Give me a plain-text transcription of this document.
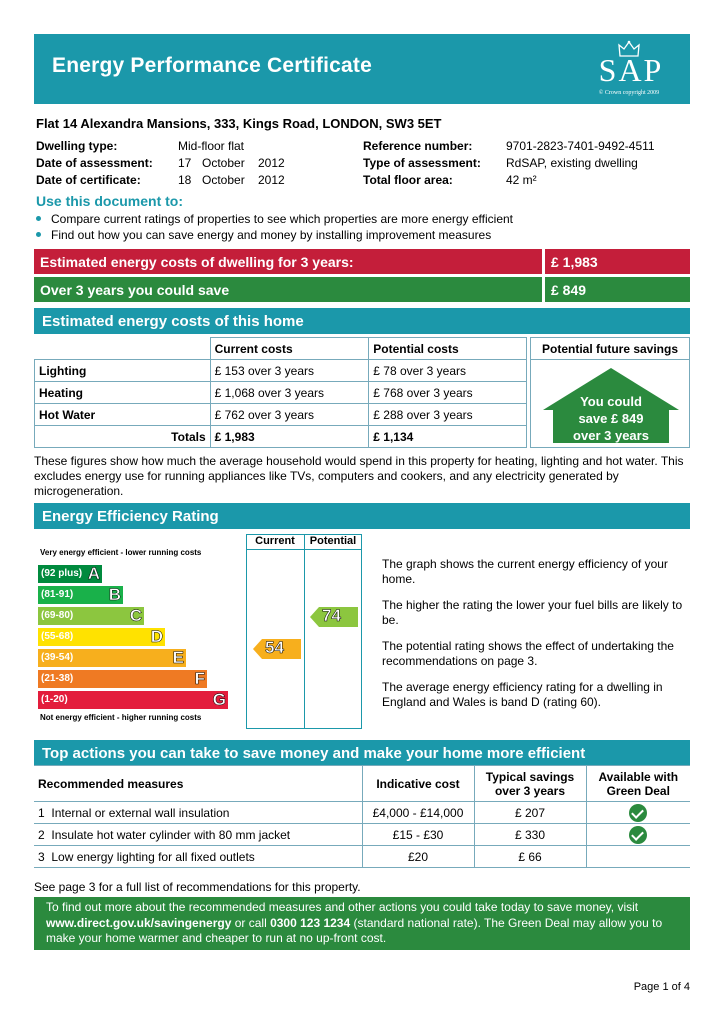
Energy Performance Certificate	SAP
© Crown copyright 2009
Flat 14 Alexandra Mansions, 333, Kings Road, LONDON, SW3 5ET
Dwelling type:	Mid-floor flat
Date of assessment: 17 October 2012
Date of certificate:	18 October 2012
Reference number:	9701-2823-7401-9492-4511
Type of assessment: RdSAP, existing dwelling
Total floor area:	42 m²
Use this document to:
Compare current ratings of properties to see which properties are more energy efficient
Find out how you can save energy and money by installing improvement measures
Estimated energy costs of dwelling for 3 years:	£ 1,983
Over 3 years you could save	£ 849
Estimated energy costs of this home
	Current costs	Potential costs
Lighting	£ 153 over 3 years	£ 78 over 3 years
Heating	£ 1,068 over 3 years	£ 768 over 3 years
Hot Water	£ 762 over 3 years	£ 288 over 3 years
Totals	£ 1,983	£ 1,134
Potential future savings
You could
save £ 849
over 3 years
These figures show how much the average household would spend in this property for heating, lighting and hot water. This excludes energy use for running appliances like TVs, computers and cookers, and any electricity generated by microgeneration.
Energy Efficiency Rating
Current	Potential
Very energy efficient - lower running costs
Not energy efficient - higher running costs
(92 plus) A
(81-91) B
(69-80)	C
(55-68)	D
(39-54)	E
(21-38)	F
(1-20)	G
54
74
The graph shows the current energy efficiency of your home.
The higher the rating the lower your fuel bills are likely to be.
The potential rating shows the effect of undertaking the recommendations on page 3.
The average energy efficiency rating for a dwelling in England and Wales is band D (rating 60).
Top actions you can take to save money and make your home more efficient
Recommended measures	Indicative cost	Typical savings over 3 years	Available with Green Deal
1 Internal or external wall insulation	£4,000 - £14,000	£ 207	
2 Insulate hot water cylinder with 80 mm jacket	£15 - £30	£ 330	
3 Low energy lighting for all fixed outlets	£20	£ 66	
See page 3 for a full list of recommendations for this property.
To find out more about the recommended measures and other actions you could take today to save money, visit www.direct.gov.uk/savingenergy or call 0300 123 1234 (standard national rate). The Green Deal may allow you to make your home warmer and cheaper to run at no up-front cost.
Page 1 of 4
